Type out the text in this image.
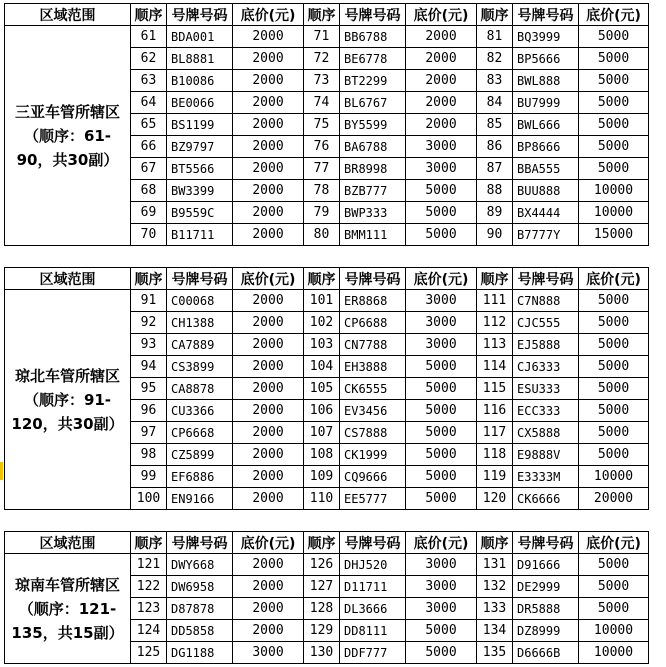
区域范围	顺序	号牌号码	底价(元)	顺序	号牌号码	底价(元)	顺序	号牌号码	底价(元)
三亚车管所辖区（顺序：61-90，共30副）	61	BDA001	2000	71	BB6788	2000	81	BQ3999	5000
	62	BL8881	2000	72	BE6778	2000	82	BP5666	5000
	63	B10086	2000	73	BT2299	2000	83	BWL888	5000
	64	BE0066	2000	74	BL6767	2000	84	BU7999	5000
	65	BS1199	2000	75	BY5599	2000	85	BWL666	5000
	66	BZ9797	2000	76	BA6788	3000	86	BP8666	5000
	67	BT5566	2000	77	BR8998	3000	87	BBA555	5000
	68	BW3399	2000	78	BZB777	5000	88	BUU888	10000
	69	B9559C	2000	79	BWP333	5000	89	BX4444	10000
	70	B11711	2000	80	BMM111	5000	90	B7777Y	15000
区域范围	顺序	号牌号码	底价(元)	顺序	号牌号码	底价(元)	顺序	号牌号码	底价(元)
琼北车管所辖区（顺序：91-120，共30副）	91	C00068	2000	101	ER8868	3000	111	C7N888	5000
	92	CH1388	2000	102	CP6688	3000	112	CJC555	5000
	93	CA7889	2000	103	CN7788	3000	113	EJ5888	5000
	94	CS3899	2000	104	EH3888	5000	114	CJ6333	5000
	95	CA8878	2000	105	CK6555	5000	115	ESU333	5000
	96	CU3366	2000	106	EV3456	5000	116	ECC333	5000
	97	CP6668	2000	107	CS7888	5000	117	CX5888	5000
	98	CZ5899	2000	108	CK1999	5000	118	E9888V	5000
	99	EF6886	2000	109	CQ9666	5000	119	E3333M	10000
	100	EN9166	2000	110	EE5777	5000	120	CK6666	20000
区域范围	顺序	号牌号码	底价(元)	顺序	号牌号码	底价(元)	顺序	号牌号码	底价(元)
琼南车管所辖区（顺序：121-135，共15副）	121	DWY668	2000	126	DHJ520	3000	131	D91666	5000
	122	DW6958	2000	127	D11711	3000	132	DE2999	5000
	123	D87878	2000	128	DL3666	3000	133	DR5888	5000
	124	DD5858	2000	129	DD8111	5000	134	DZ8999	10000
	125	DG1188	3000	130	DDF777	5000	135	D6666B	10000
